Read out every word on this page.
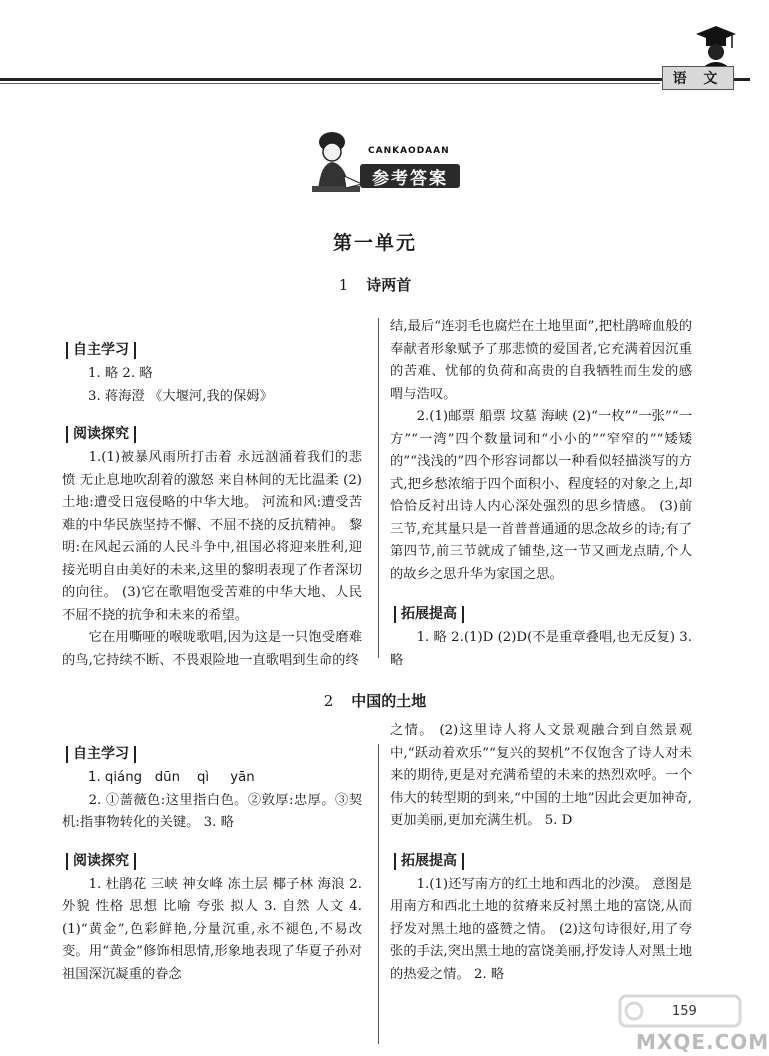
语 文
CANKAODAAN
参考答案
第一单元
1 诗两首
自主学习

1. 略 2. 略

3. 蒋海澄 《大堰河,我的保姆》

阅读探究

1.(1)被暴风雨所打击着 永远汹涌着我们的悲愤 无止息地吹刮着的激怒 来自林间的无比温柔 (2)土地:遭受日寇侵略的中华大地。 河流和风:遭受苦难的中华民族坚持不懈、不屈不挠的反抗精神。 黎明:在风起云涌的人民斗争中,祖国必将迎来胜利,迎接光明自由美好的未来,这里的黎明表现了作者深切的向往。 (3)它在歌唱饱受苦难的中华大地、人民不屈不挠的抗争和未来的希望。

它在用嘶哑的喉咙歌唱,因为这是一只饱受磨难的鸟,它持续不断、不畏艰险地一直歌唱到生命的终

结,最后“连羽毛也腐烂在土地里面”,把杜鹃啼血般的奉献者形象赋予了那悲愤的爱国者,它充满着因沉重的苦难、忧郁的负荷和高贵的自我牺牲而生发的感喟与浩叹。

2.(1)邮票 船票 坟墓 海峡 (2)“一枚”“一张”“一方”“一湾”四个数量词和“小小的”“窄窄的”“矮矮的”“浅浅的”四个形容词都以一种看似轻描淡写的方式,把乡愁浓缩于四个面积小、程度轻的对象之上,却恰恰反衬出诗人内心深处强烈的思乡情感。 (3)前三节,充其量只是一首普普通通的思念故乡的诗;有了第四节,前三节就成了铺垫,这一节又画龙点睛,个人的故乡之思升华为家国之思。

拓展提高

1. 略 2.(1)D (2)D(不是重章叠唱,也无反复) 3. 略

2 中国的土地
自主学习

1. qiáng   dūn    qì     yān

2. ①蔷薇色:这里指白色。②敦厚:忠厚。③契机:指事物转化的关键。 3. 略

阅读探究

1. 杜鹃花 三峡 神女峰 冻土层 椰子林 海浪 2. 外貌 性格 思想 比喻 夸张 拟人 3. 自然 人文 4.(1)“黄金”,色彩鲜艳,分量沉重,永不褪色,不易改变。用“黄金”修饰相思情,形象地表现了华夏子孙对祖国深沉凝重的眷念

之情。 (2)这里诗人将人文景观融合到自然景观中,“跃动着欢乐”“复兴的契机”不仅饱含了诗人对未来的期待,更是对充满希望的未来的热烈欢呼。一个伟大的转型期的到来,“中国的土地”因此会更加神奇,更加美丽,更加充满生机。 5. D

拓展提高

1.(1)还写南方的红土地和西北的沙漠。 意图是用南方和西北土地的贫瘠来反衬黑土地的富饶,从而抒发对黑土地的盛赞之情。 (2)这句诗很好,用了夸张的手法,突出黑土地的富饶美丽,抒发诗人对黑土地的热爱之情。 2. 略

159
MXQE.COM
